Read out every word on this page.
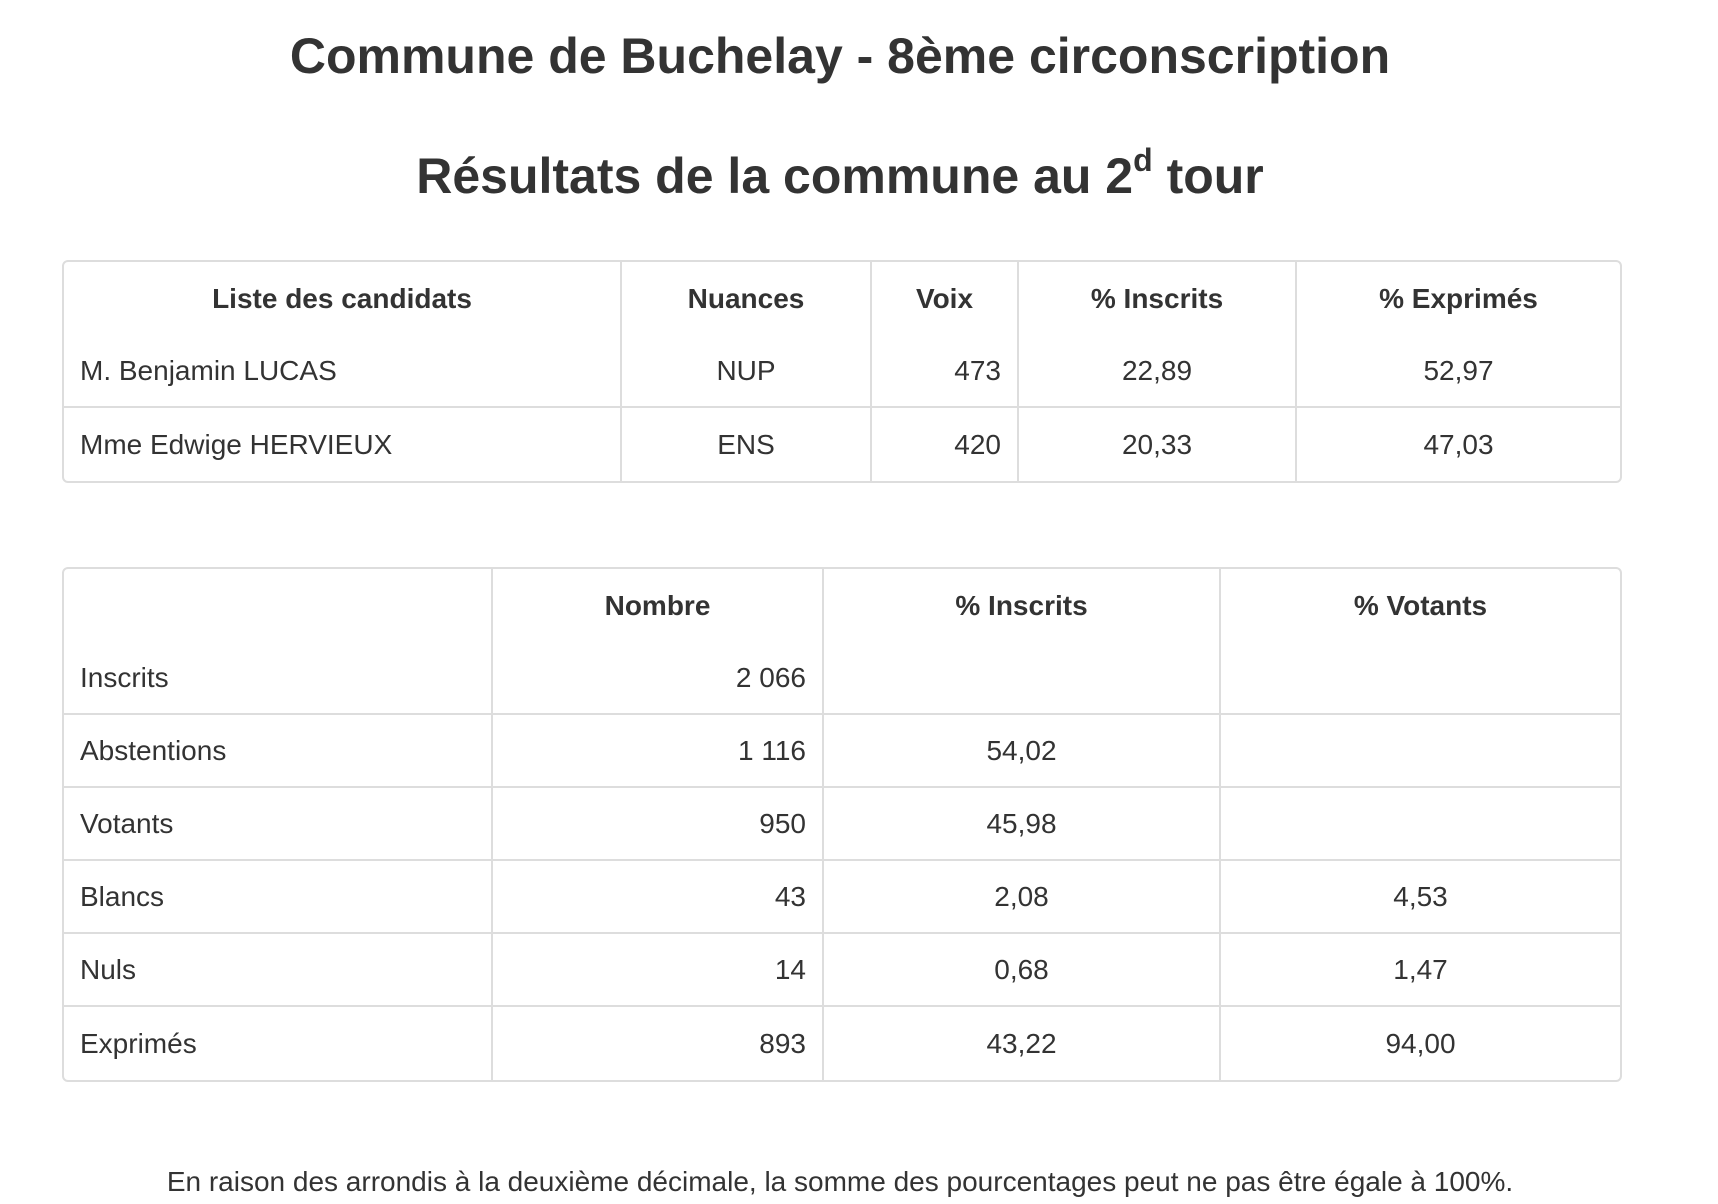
Commune de Buchelay - 8ème circonscription
Résultats de la commune au 2$^d$ tour
Liste des candidats	Nuances	Voix	% Inscrits	% Exprimés
M. Benjamin LUCAS	NUP	473	22,89	52,97
Mme Edwige HERVIEUX	ENS	420	20,33	47,03
	Nombre	% Inscrits	% Votants
Inscrits	2 066		
Abstentions	1 116	54,02	
Votants	950	45,98	
Blancs	43	2,08	4,53
Nuls	14	0,68	1,47
Exprimés	893	43,22	94,00

En raison des arrondis à la deuxième décimale, la somme des pourcentages peut ne pas être égale à 100%.
